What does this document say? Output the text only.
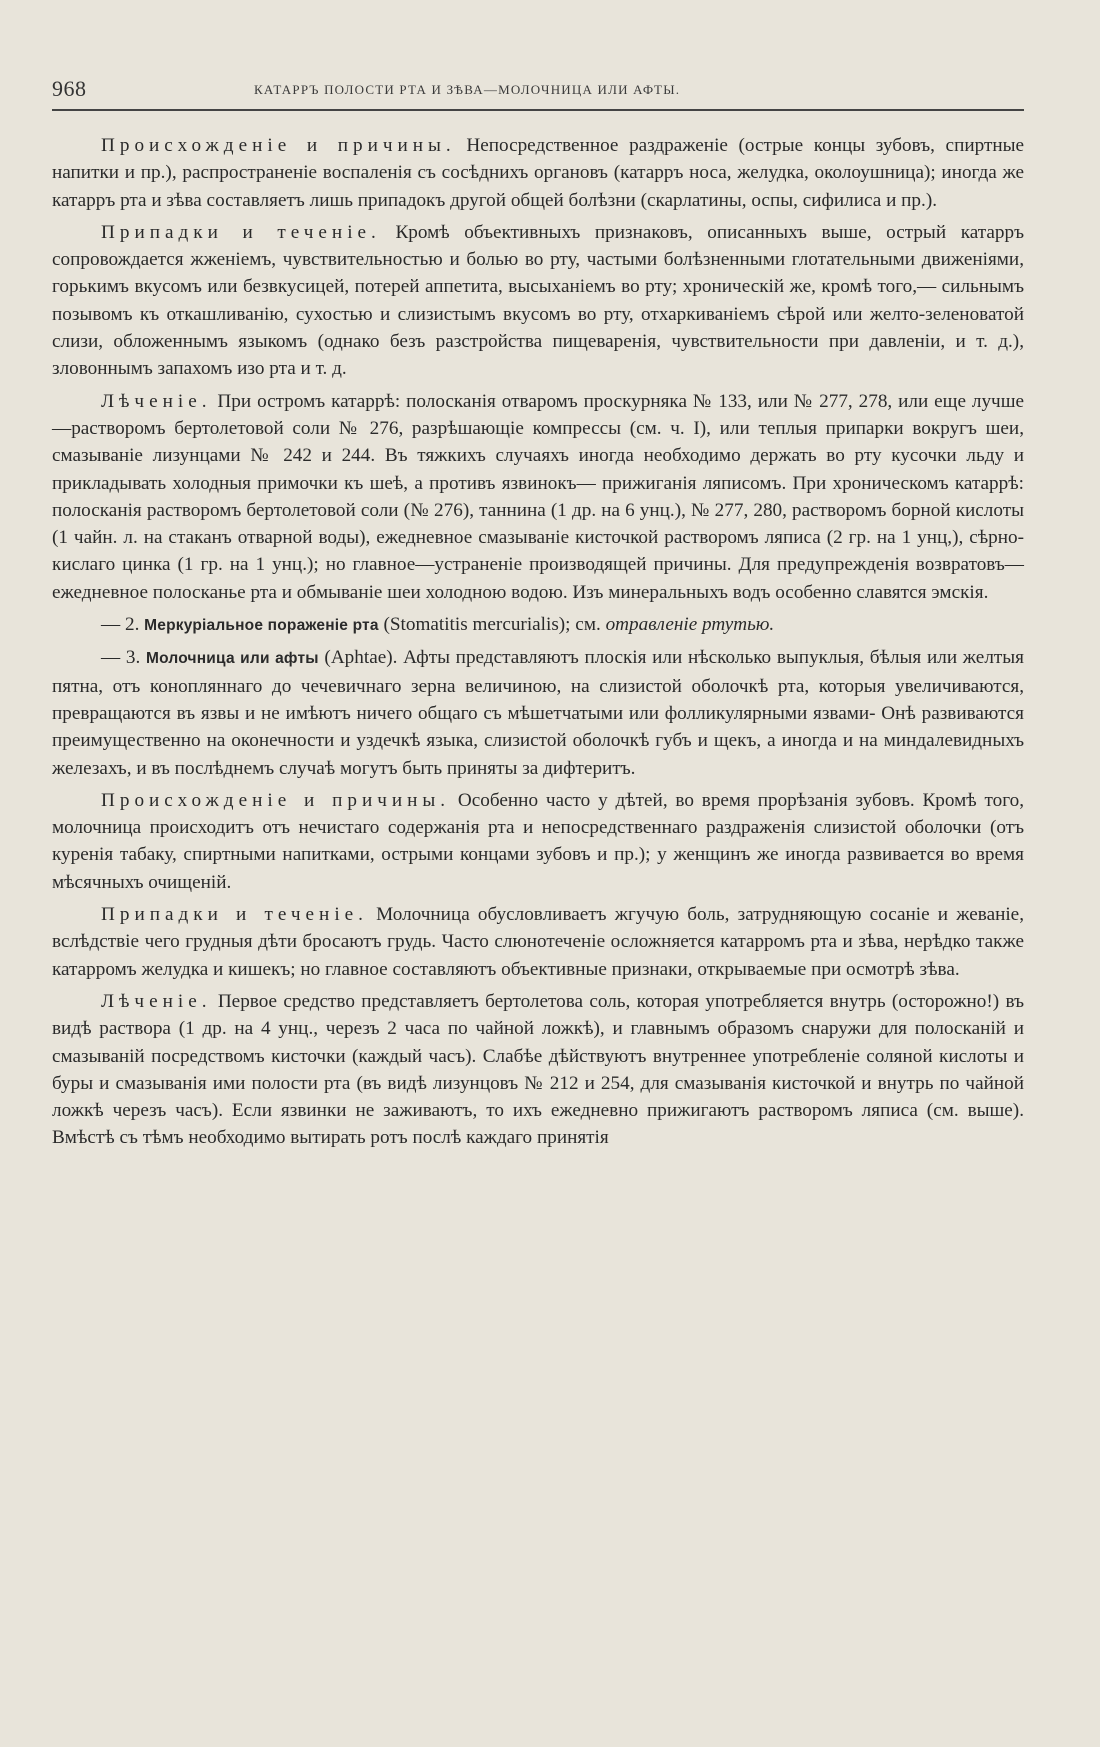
968	КАТАРРЪ ПОЛОСТИ РТА И ЗѢВА—МОЛОЧНИЦА ИЛИ АФТЫ.

Происхожденіе и причины. Непосредственное раздраженіе (острые концы зубовъ, спиртные напитки и пр.), распространеніе воспаленія съ сосѣднихъ органовъ (катарръ носа, желудка, околоушница); иногда же катарръ рта и зѣва составляетъ лишь припадокъ другой общей болѣзни (скарлатины, оспы, сифилиса и пр.).

Припадки и теченіе. Кромѣ объективныхъ признаковъ, описанныхъ выше, острый катарръ сопровождается жженіемъ, чувствительностью и болью во рту, частыми болѣзненными глотательными движеніями, горькимъ вкусомъ или безвкусицей, потерей аппетита, высыханіемъ во рту; хроническій же, кромѣ того,— сильнымъ позывомъ къ откашливанію, сухостью и слизистымъ вкусомъ во рту, отхаркиваніемъ сѣрой или желто-зеленоватой слизи, обложеннымъ языкомъ (однако безъ разстройства пищеваренія, чувствительности при давленіи, и т. д.), зловоннымъ запахомъ изо рта и т. д.

Лѣченіе. При остромъ катаррѣ: полосканія отваромъ проскурняка № 133, или № 277, 278, или еще лучше—растворомъ бертолетовой соли № 276, разрѣшающіе компрессы (см. ч. I), или теплыя припарки вокругъ шеи, смазываніе лизунцами № 242 и 244. Въ тяжкихъ случаяхъ иногда необходимо держать во рту кусочки льду и прикладывать холодныя примочки къ шеѣ, а противъ язвинокъ— прижиганія ляписомъ. При хроническомъ катаррѣ: полосканія растворомъ бертолетовой соли (№ 276), таннина (1 др. на 6 унц.), № 277, 280, растворомъ борной кислоты (1 чайн. л. на стаканъ отварной воды), ежедневное смазываніе кисточкой растворомъ ляписа (2 гр. на 1 унц,), сѣрно-кислаго цинка (1 гр. на 1 унц.); но главное—устраненіе производящей причины. Для предупрежденія возвратовъ—ежедневное полосканье рта и обмываніе шеи холодною водою. Изъ минеральныхъ водъ особенно славятся эмскія.

— 2. Меркуріальное пораженіе рта (Stomatitis mercurialis); см. отравленіе ртутью.

— 3. Молочница или афты (Aphtae). Афты представляютъ плоскія или нѣсколько выпуклыя, бѣлыя или желтыя пятна, отъ конопляннаго до чечевичнаго зерна величиною, на слизистой оболочкѣ рта, которыя увеличиваются, превращаются въ язвы и не имѣютъ ничего общаго съ мѣшетчатыми или фолликулярными язвами- Онѣ развиваются преимущественно на оконечности и уздечкѣ языка, слизистой оболочкѣ губъ и щекъ, а иногда и на миндалевидныхъ железахъ, и въ послѣднемъ случаѣ могутъ быть приняты за дифтеритъ.

Происхожденіе и причины. Особенно часто у дѣтей, во время прорѣзанія зубовъ. Кромѣ того, молочница происходитъ отъ нечистаго содержанія рта и непосредственнаго раздраженія слизистой оболочки (отъ куренія табаку, спиртными напитками, острыми концами зубовъ и пр.); у женщинъ же иногда развивается во время мѣсячныхъ очищеній.

Припадки и теченіе. Молочница обусловливаетъ жгучую боль, затрудняющую сосаніе и жеваніе, вслѣдствіе чего грудныя дѣти бросаютъ грудь. Часто слюнотеченіе осложняется катарромъ рта и зѣва, нерѣдко также катарромъ желудка и кишекъ; но главное составляютъ объективные признаки, открываемые при осмотрѣ зѣва.

Лѣченіе. Первое средство представляетъ бертолетова соль, которая употребляется внутрь (осторожно!) въ видѣ раствора (1 др. на 4 унц., черезъ 2 часа по чайной ложкѣ), и главнымъ образомъ снаружи для полосканій и смазываній посредствомъ кисточки (каждый часъ). Слабѣе дѣйствуютъ внутреннее употребленіе соляной кислоты и буры и смазыванія ими полости рта (въ видѣ лизунцовъ № 212 и 254, для смазыванія кисточкой и внутрь по чайной ложкѣ черезъ часъ). Если язвинки не заживаютъ, то ихъ ежедневно прижигаютъ растворомъ ляписа (см. выше). Вмѣстѣ съ тѣмъ необходимо вытирать ротъ послѣ каждаго принятія
